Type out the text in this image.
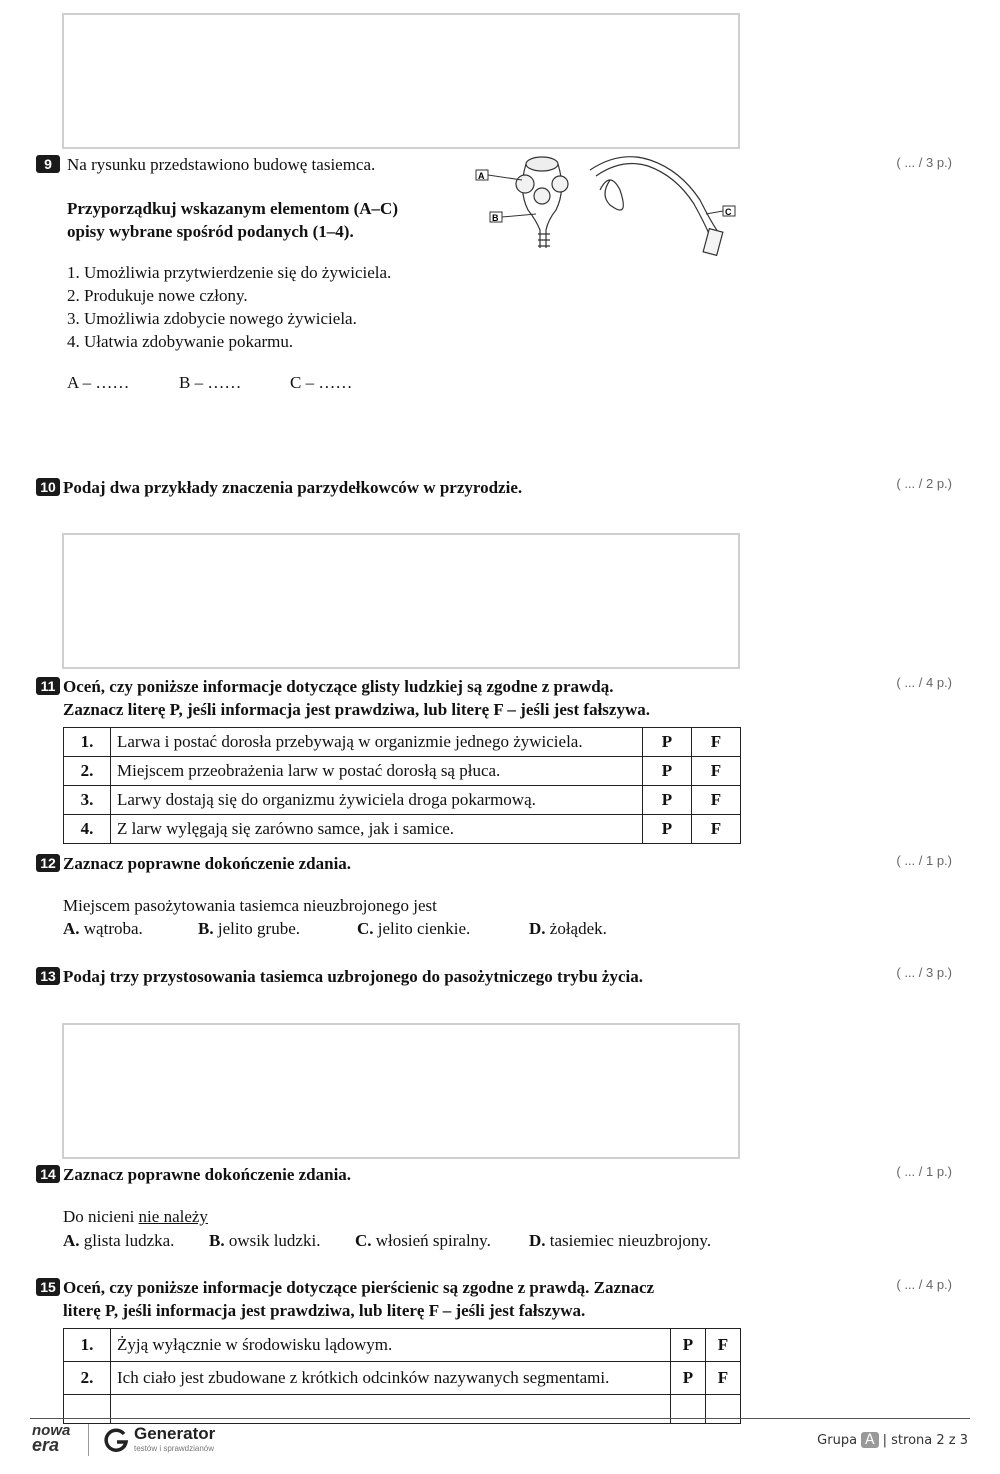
9 Na rysunku przedstawiono budowę tasiemca.	( ... / 3 p.)
Przyporządkuj wskazanym elementom (A–C)
opisy wybrane spośród podanych (1–4).
A
B
C
1. Umożliwia przytwierdzenie się do żywiciela.
2. Produkuje nowe człony.
3. Umożliwia zdobycie nowego żywiciela.
4. Ułatwia zdobywanie pokarmu.
A – ……	B – ……	C – ……
10 Podaj dwa przykłady znaczenia parzydełkowców w przyrodzie.	( ... / 2 p.)
11 Oceń, czy poniższe informacje dotyczące glisty ludzkiej są zgodne z prawdą.
Zaznacz literę P, jeśli informacja jest prawdziwa, lub literę F – jeśli jest fałszywa.
( ... / 4 p.)
1.	Larwa i postać dorosła przebywają w organizmie jednego żywiciela.	P	F
2.	Miejscem przeobrażenia larw w postać dorosłą są płuca.	P	F
3.	Larwy dostają się do organizmu żywiciela droga pokarmową.	P	F
4.	Z larw wylęgają się zarówno samce, jak i samice.	P	F
12 Zaznacz poprawne dokończenie zdania.	( ... / 1 p.)
Miejscem pasożytowania tasiemca nieuzbrojonego jest
A. wątroba.	B. jelito grube.	C. jelito cienkie.	D. żołądek.
13 Podaj trzy przystosowania tasiemca uzbrojonego do pasożytniczego trybu życia.	( ... / 3 p.)
14 Zaznacz poprawne dokończenie zdania.	( ... / 1 p.)
Do nicieni nie należy
A. glista ludzka. B. owsik ludzki. C. włosień spiralny. D. tasiemiec nieuzbrojony.
15 Oceń, czy poniższe informacje dotyczące pierścienic są zgodne z prawdą. Zaznacz
literę P, jeśli informacja jest prawdziwa, lub literę F – jeśli jest fałszywa.
( ... / 4 p.)
1.	Żyją wyłącznie w środowisku lądowym.	P	F
2.	Ich ciało jest zbudowane z krótkich odcinków nazywanych segmentami.	P	F

nowa
era
Generator
testów i sprawdzianów
Grupa A | strona 2 z 3
